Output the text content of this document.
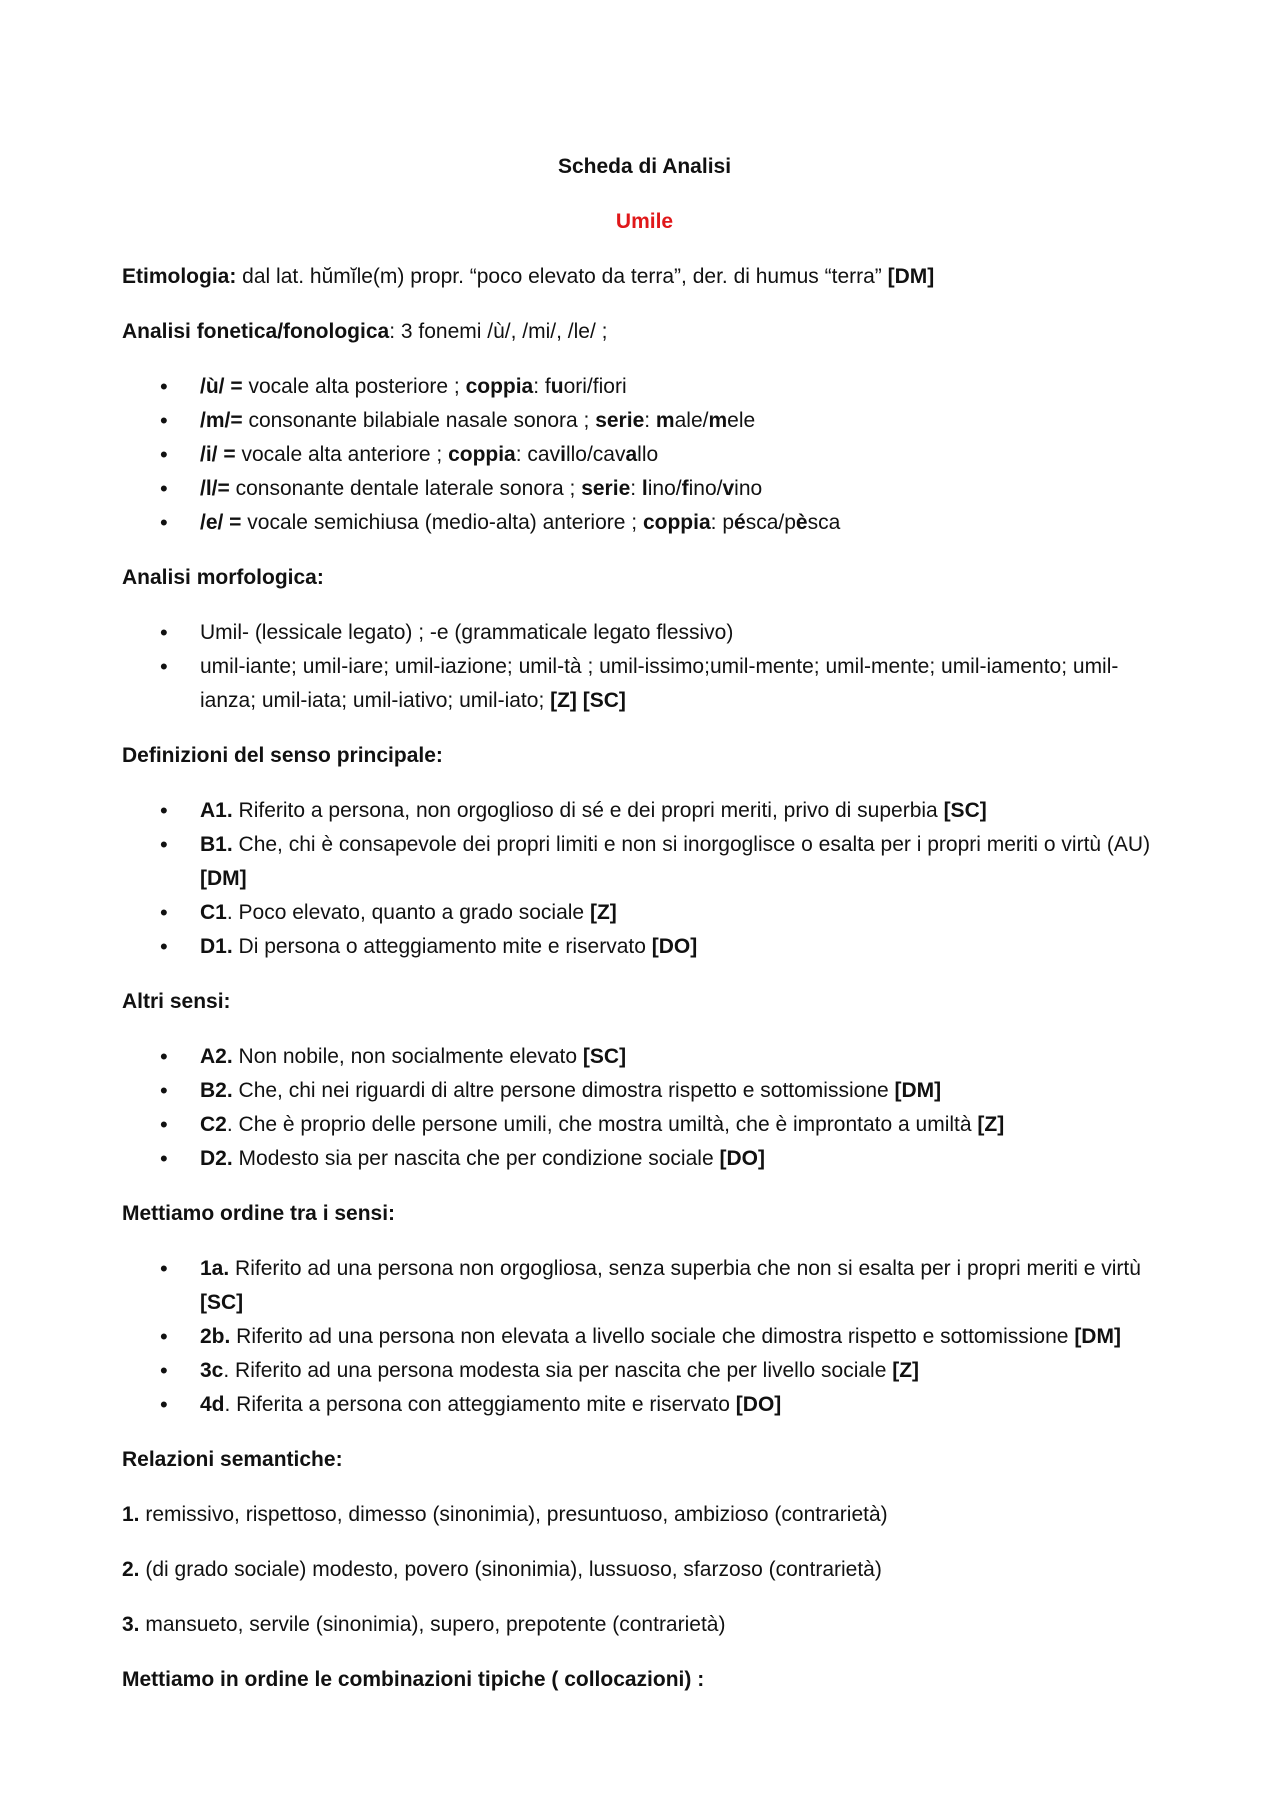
Scheda di Analisi

Umile

Etimologia: dal lat. hŭmĭle(m) propr. “poco elevato da terra”, der. di humus “terra” [DM]

Analisi fonetica/fonologica: 3 fonemi /ù/, /mi/, /le/ ;

• /ù/ = vocale alta posteriore ; coppia: fuori/fiori
• /m/= consonante bilabiale nasale sonora ; serie: male/mele
• /i/ = vocale alta anteriore ; coppia: cavillo/cavallo
• /l/= consonante dentale laterale sonora ; serie: lino/fino/vino
• /e/ = vocale semichiusa (medio-alta) anteriore ; coppia: pésca/pèsca

Analisi morfologica:

• Umil- (lessicale legato) ; -e (grammaticale legato flessivo)
• umil-iante; umil-iare; umil-iazione; umil-tà ; umil-issimo;umil-mente; umil-mente; umil-iamento; umil-ianza; umil-iata; umil-iativo; umil-iato; [Z] [SC]

Definizioni del senso principale:

• A1. Riferito a persona, non orgoglioso di sé e dei propri meriti, privo di superbia [SC]
• B1. Che, chi è consapevole dei propri limiti e non si inorgoglisce o esalta per i propri meriti o virtù (AU) [DM]
• C1. Poco elevato, quanto a grado sociale [Z]
• D1. Di persona o atteggiamento mite e riservato [DO]

Altri sensi:

• A2. Non nobile, non socialmente elevato [SC]
• B2. Che, chi nei riguardi di altre persone dimostra rispetto e sottomissione [DM]
• C2. Che è proprio delle persone umili, che mostra umiltà, che è improntato a umiltà [Z]
• D2. Modesto sia per nascita che per condizione sociale [DO]

Mettiamo ordine tra i sensi:

• 1a. Riferito ad una persona non orgogliosa, senza superbia che non si esalta per i propri meriti e virtù [SC]
• 2b. Riferito ad una persona non elevata a livello sociale che dimostra rispetto e sottomissione [DM]
• 3c. Riferito ad una persona modesta sia per nascita che per livello sociale [Z]
• 4d. Riferita a persona con atteggiamento mite e riservato [DO]

Relazioni semantiche:

1. remissivo, rispettoso, dimesso (sinonimia), presuntuoso, ambizioso (contrarietà)

2. (di grado sociale) modesto, povero (sinonimia), lussuoso, sfarzoso (contrarietà)

3. mansueto, servile (sinonimia), supero, prepotente (contrarietà)

Mettiamo in ordine le combinazioni tipiche ( collocazioni) :
